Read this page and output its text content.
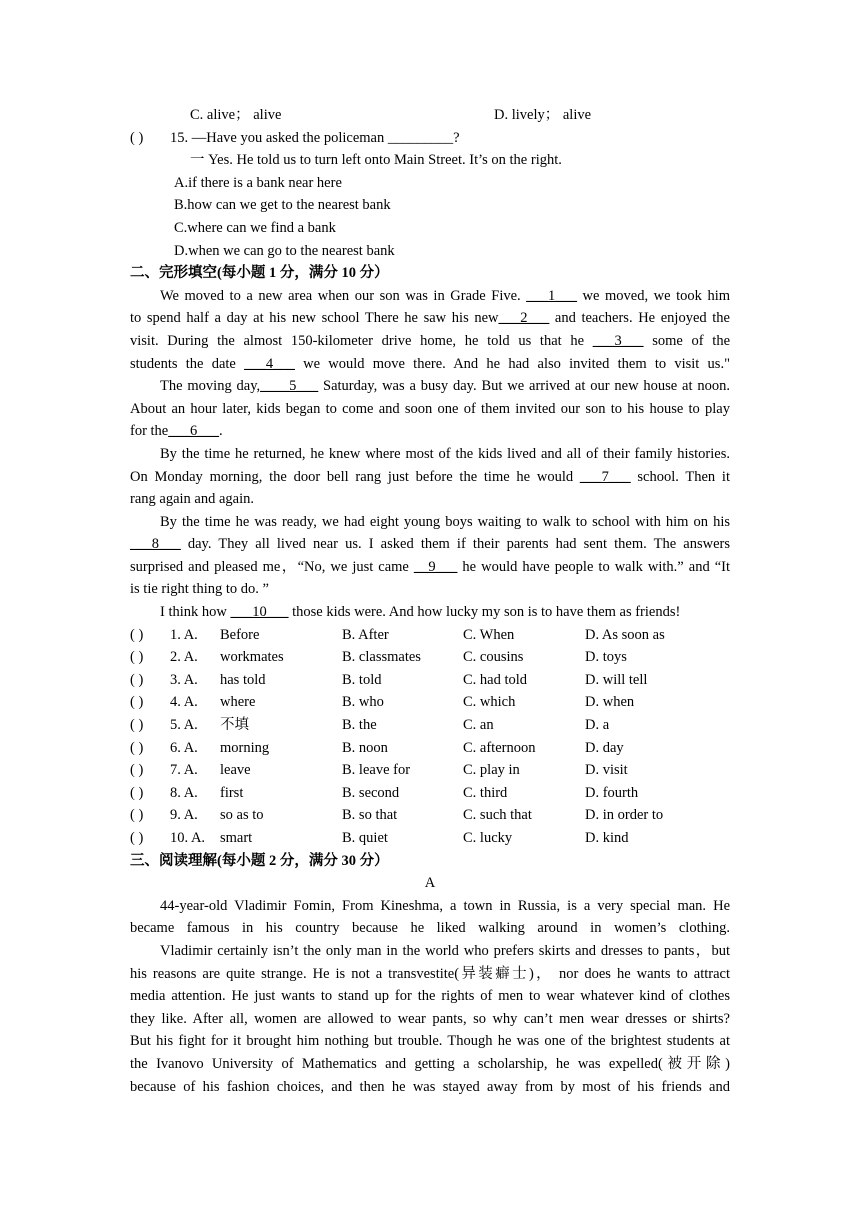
C. alive； alive	D. lively； alive
( ) 15. —Have you asked the policeman _________?
一 Yes. He told us to turn left onto Main Street. It’s on the right.
A.if there is a bank near here
B.how can we get to the nearest bank
C.where can we find a bank
D.when we can go to the nearest bank
二、完形填空(每小题 1 分，满分 10 分）
We moved to a new area when our son was in Grade Five. ___1___ we moved, we took him
to spend half a day at his new school There he saw his new___2___ and teachers. He enjoyed the
visit. During the almost 150-kilometer drive home, he told us that he ___3___ some of the
students the date ___4___ we would move there. And he had also invited them to visit us."
The moving day,____5___ Saturday, was a busy day. But we arrived at our new house at noon.
About an hour later, kids began to come and soon one of them invited our son to his house to play
for the___6___.
By the time he returned, he knew where most of the kids lived and all of their family histories.
On Monday morning, the door bell rang just before the time he would ___7___ school. Then it
rang again and again.
By the time he was ready, we had eight young boys waiting to walk to school with him on his
___8___ day. They all lived near us. I asked them if their parents had sent them. The answers
surprised and pleased me，“No, we just came __9___ he would have people to walk with.” and “It
is tie right thing to do. ”
I think how ___10___ those kids were. And how lucky my son is to have them as friends!
( ) 1. A. Before	B. After	C. When	D. As soon as
( ) 2. A. workmates	B. classmates	C. cousins	D. toys
( ) 3. A. has told	B. told	C. had told	D. will tell
( ) 4. A. where	B. who	C. which	D. when
( ) 5. A. 不填	B. the	C. an	D. a
( ) 6. A. morning	B. noon	C. afternoon	D. day
( ) 7. A. leave	B. leave for	C. play in	D. visit
( ) 8. A. first	B. second	C. third	D. fourth
( ) 9. A. so as to	B. so that	C. such that	D. in order to
( ) 10. A. smart	B. quiet	C. lucky	D. kind
三、阅读理解(每小题 2 分，满分 30 分）
A
44-year-old Vladimir Fomin, From Kineshma, a town in Russia, is a very special man. He
became famous in his country because he liked walking around in women’s clothing.
Vladimir certainly isn’t the only man in the world who prefers skirts and dresses to pants，but
his reasons are quite strange. He is not a transvestite(异装癖士)， nor does he wants to attract
media attention. He just wants to stand up for the rights of men to wear whatever kind of clothes
they like. After all, women are allowed to wear pants, so why can’t men wear dresses or shirts?
But his fight for it brought him nothing but trouble. Though he was one of the brightest students at
the Ivanovo University of Mathematics and getting a scholarship, he was expelled(被开除)
because of his fashion choices, and then he was stayed away from by most of his friends and
